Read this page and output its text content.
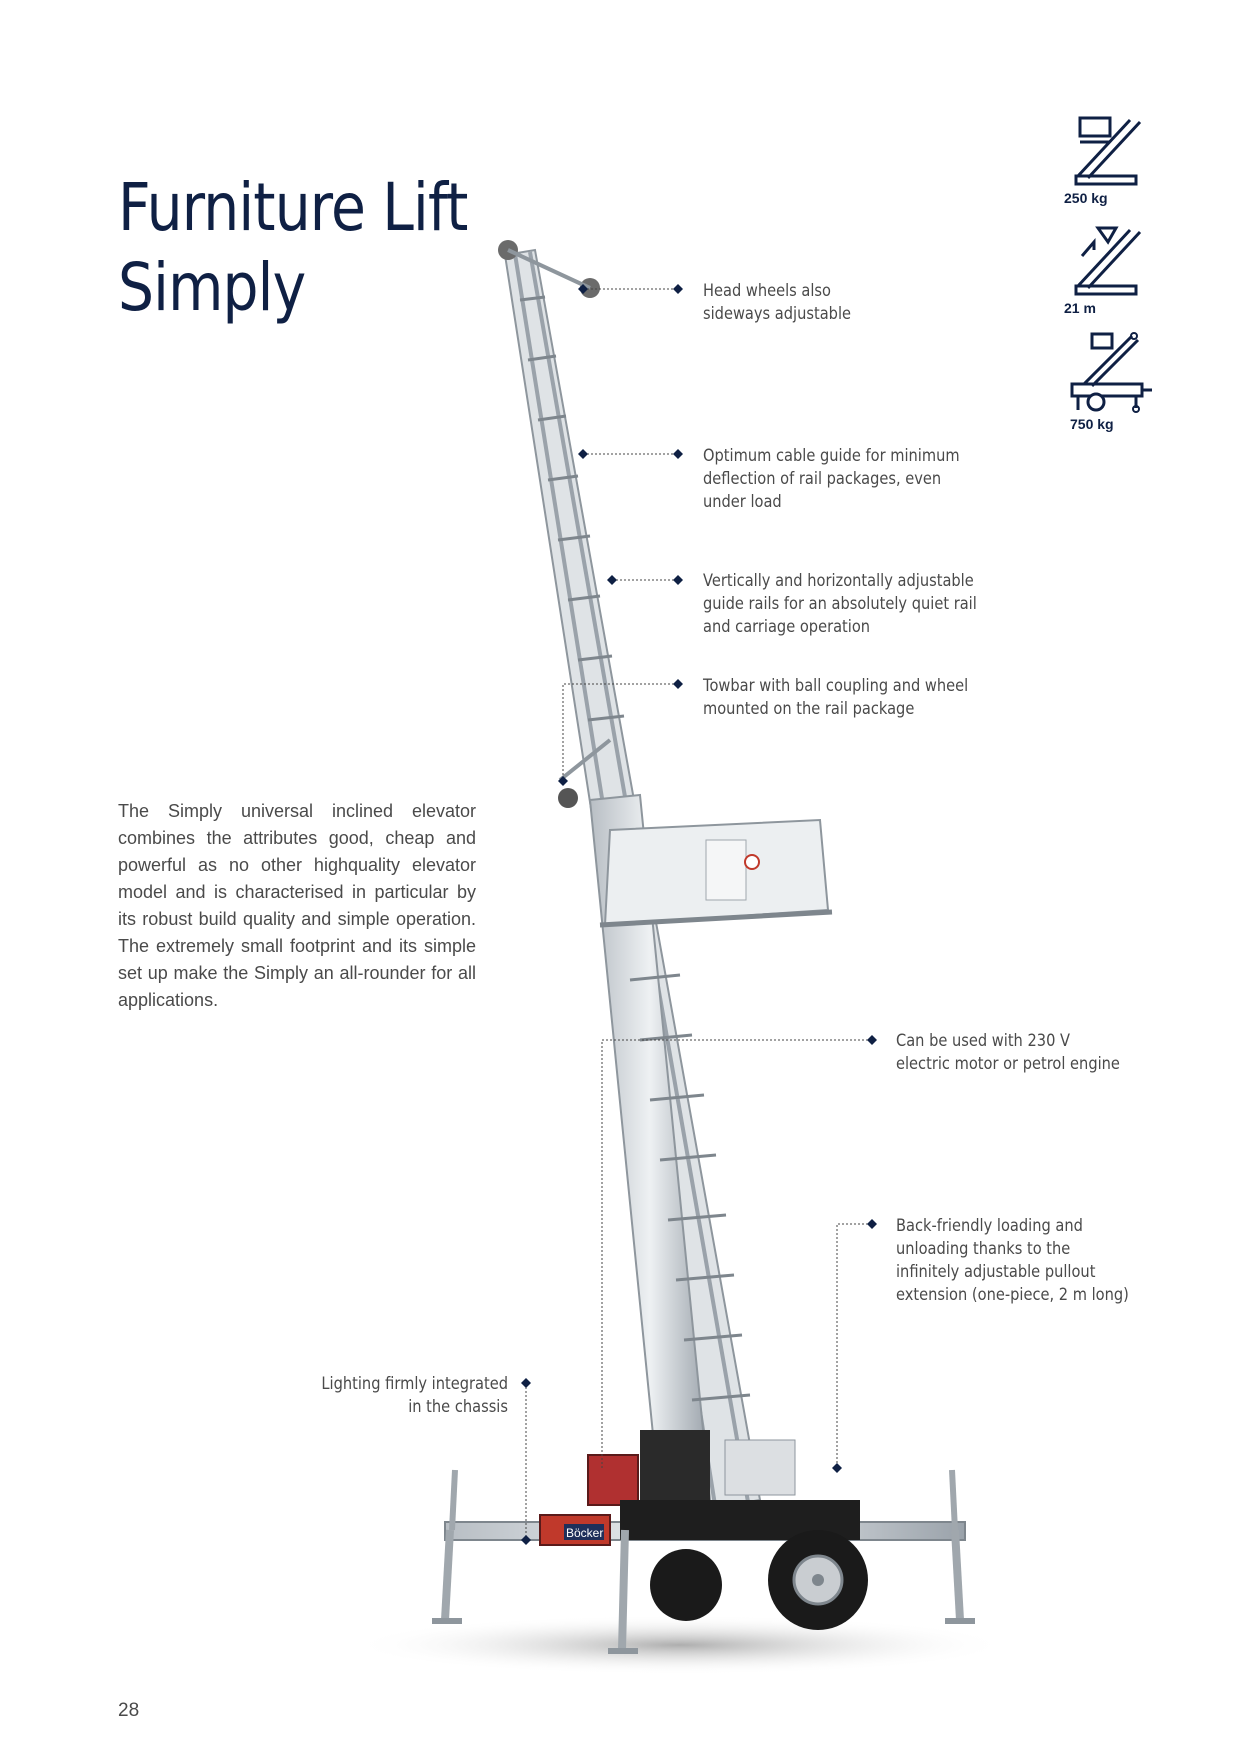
Furniture Lift
Simply
250 kg
21 m
750 kg
Böcker
Head wheels also
sideways adjustable
Optimum cable guide for minimum
deflection of rail packages, even
under load
Vertically and horizontally adjustable
guide rails for an absolutely quiet rail
and carriage operation
Towbar with ball coupling and wheel
mounted on the rail package
Can be used with 230 V
electric motor or petrol engine
Back-friendly loading and
unloading thanks to the
infinitely adjustable pullout
extension (one-piece, 2 m long)
Lighting firmly integrated
in the chassis
The Simply universal inclined elevator combines the attributes good, cheap and powerful as no other highquality elevator model and is characterised in particular by its robust build quality and simple operation. The extremely small footprint and its simple set up make the Simply an all-rounder for all applications.
28
